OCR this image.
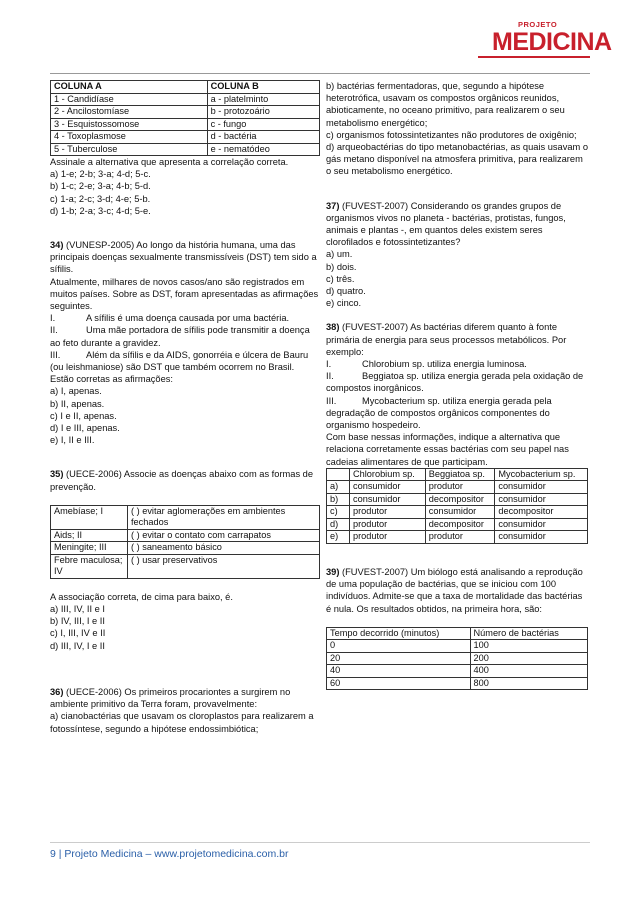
PROJETO
MEDICINA
COLUNA A	COLUNA B
1 - Candidíase	a - platelminto
2 - Ancilostomíase	b - protozoário
3 - Esquistossomose	c - fungo
4 - Toxoplasmose	d - bactéria
5 - Tuberculose	e - nematódeo

Assinale a alternativa que apresenta a correlação correta.

a) 1-e; 2-b; 3-a; 4-d; 5-c.

b) 1-c; 2-e; 3-a; 4-b; 5-d.

c) 1-a; 2-c; 3-d; 4-e; 5-b.

d) 1-b; 2-a; 3-c; 4-d; 5-e.

34) (VUNESP-2005) Ao longo da história humana, uma das principais doenças sexualmente transmissíveis (DST) tem sido a sífilis.

Atualmente, milhares de novos casos/ano são registrados em muitos países. Sobre as DST, foram apresentadas as afirmações seguintes.

I.	A sífilis é uma doença causada por uma bactéria.

II.	Uma mãe portadora de sífilis pode transmitir a doença ao feto durante a gravidez.

III.	Além da sífilis e da AIDS, gonorréia e úlcera de Bauru (ou leishmaniose) são DST que também ocorrem no Brasil.

Estão corretas as afirmações:

a) I, apenas.

b) II, apenas.

c) I e II, apenas.

d) I e III, apenas.

e) I, II e III.

35) (UECE-2006) Associe as doenças abaixo com as formas de prevenção.

Amebíase; I	( ) evitar aglomerações em ambientes fechados
Aids; II	( ) evitar o contato com carrapatos
Meningite; III	( ) saneamento básico
Febre maculosa; IV	( ) usar preservativos

A associação correta, de cima para baixo, é.

a) III, IV, II e I

b) IV, III, I e II

c) I, III, IV e II

d) III, IV, I e II

36) (UECE-2006) Os primeiros procariontes a surgirem no ambiente primitivo da Terra foram, provavelmente:

a) cianobactérias que usavam os cloroplastos para realizarem a fotossíntese, segundo a hipótese endossimbiótica;

b) bactérias fermentadoras, que, segundo a hipótese heterotrófica, usavam os compostos orgânicos reunidos, abioticamente, no oceano primitivo, para realizarem o seu metabolismo energético;

c) organismos fotossintetizantes não produtores de oxigênio;

d) arqueobactérias do tipo metanobactérias, as quais usavam o gás metano disponível na atmosfera primitiva, para realizarem o seu metabolismo energético.

37) (FUVEST-2007) Considerando os grandes grupos de organismos vivos no planeta - bactérias, protistas, fungos, animais e plantas -, em quantos deles existem seres clorofilados e fotossintetizantes?

a) um.

b) dois.

c) três.

d) quatro.

e) cinco.

38) (FUVEST-2007) As bactérias diferem quanto à fonte primária de energia para seus processos metabólicos. Por exemplo:

I.	Chlorobium sp. utiliza energia luminosa.

II.	Beggiatoa sp. utiliza energia gerada pela oxidação de compostos inorgânicos.

III.	Mycobacterium sp. utiliza energia gerada pela degradação de compostos orgânicos componentes do organismo hospedeiro.

Com base nessas informações, indique a alternativa que relaciona corretamente essas bactérias com seu papel nas cadeias alimentares de que participam.

	Chlorobium sp.	Beggiatoa sp.	Mycobacterium sp.
a)	consumidor	produtor	consumidor
b)	consumidor	decompositor	consumidor
c)	produtor	consumidor	decompositor
d)	produtor	decompositor	consumidor
e)	produtor	produtor	consumidor

39) (FUVEST-2007) Um biólogo está analisando a reprodução de uma população de bactérias, que se iniciou com 100 indivíduos. Admite-se que a taxa de mortalidade das bactérias é nula. Os resultados obtidos, na primeira hora, são:

Tempo decorrido (minutos)	Número de bactérias
0	100
20	200
40	400
60	800
9 | Projeto Medicina – www.projetomedicina.com.br
